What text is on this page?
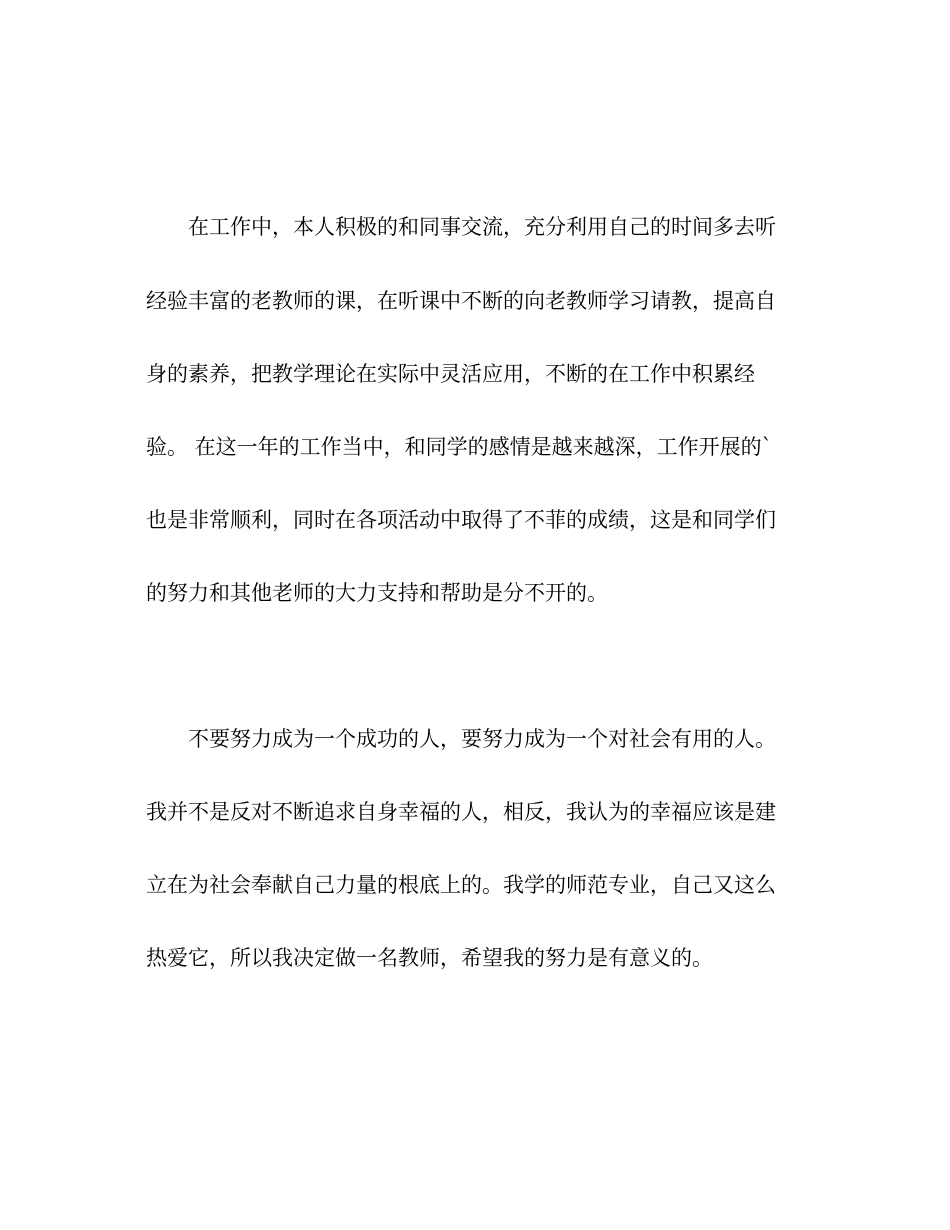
在工作中，本人积极的和同事交流，充分利用自己的时间多去听

经验丰富的老教师的课，在听课中不断的向老教师学习请教，提高自

身的素养，把教学理论在实际中灵活应用，不断的在工作中积累经

验。 在这一年的工作当中，和同学的感情是越来越深，工作开展的`

也是非常顺利，同时在各项活动中取得了不菲的成绩，这是和同学们

的努力和其他老师的大力支持和帮助是分不开的。

不要努力成为一个成功的人，要努力成为一个对社会有用的人。

我并不是反对不断追求自身幸福的人，相反，我认为的幸福应该是建

立在为社会奉献自己力量的根底上的。我学的师范专业，自己又这么

热爱它，所以我决定做一名教师，希望我的努力是有意义的。
